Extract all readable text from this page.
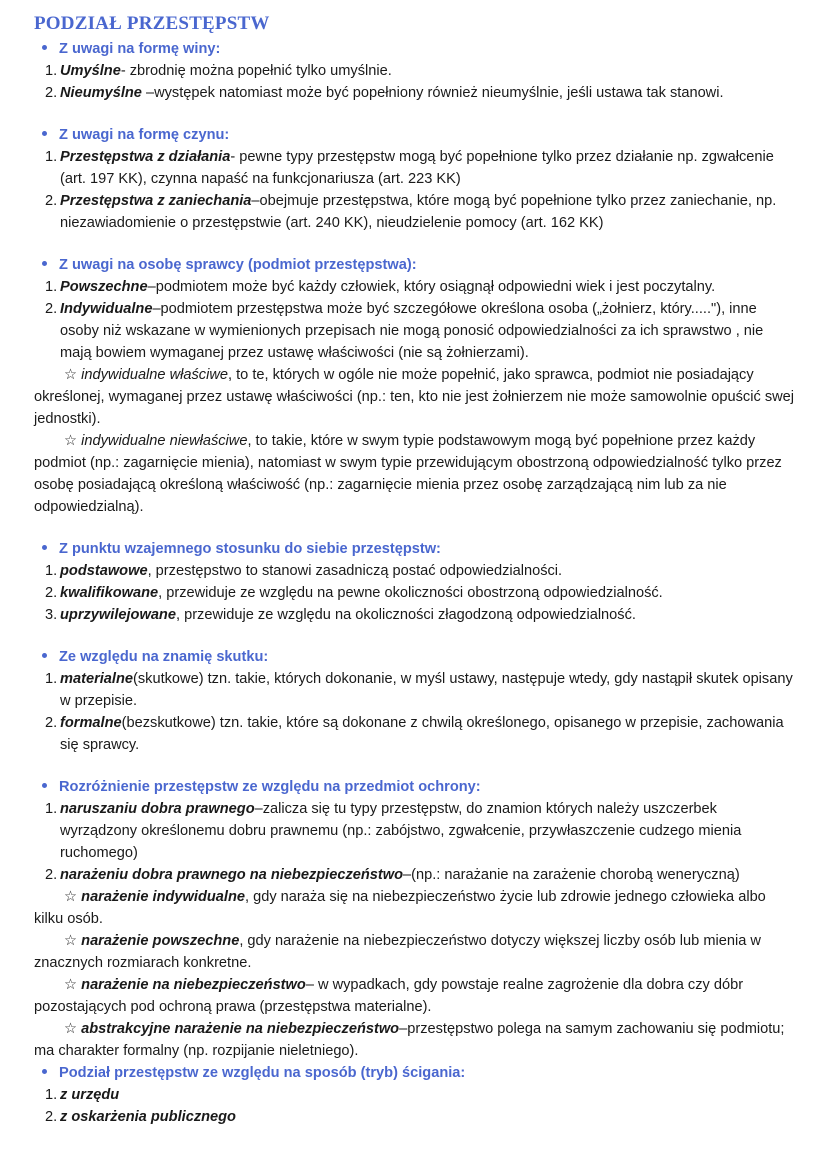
PODZIAŁ PRZESTĘPSTW

Z uwagi na formę winy:

1. Umyślne- zbrodnię można popełnić tylko umyślnie.
2. Nieumyślne –występek natomiast może być popełniony również nieumyślnie, jeśli ustawa tak stanowi.

Z uwagi na formę czynu:

1. Przestępstwa z działania- pewne typy przestępstw mogą być popełnione tylko przez działanie np. zgwałcenie (art. 197 KK), czynna napaść na funkcjonariusza (art. 223 KK)
2. Przestępstwa z zaniechania–obejmuje przestępstwa, które mogą być popełnione tylko przez zaniechanie, np. niezawiadomienie o przestępstwie (art. 240 KK), nieudzielenie pomocy (art. 162 KK)

Z uwagi na osobę sprawcy (podmiot przestępstwa):

1. Powszechne–podmiotem może być każdy człowiek, który osiągnął odpowiedni wiek i jest poczytalny.
2. Indywidualne–podmiotem przestępstwa może być szczegółowe określona osoba („żołnierz, który....."), inne osoby niż wskazane w wymienionych przepisach nie mogą ponosić odpowiedzialności za ich sprawstwo , nie mają bowiem wymaganej przez ustawę właściwości (nie są żołnierzami).

☆ indywidualne właściwe, to te, których w ogóle nie może popełnić, jako sprawca, podmiot nie posiadający określonej, wymaganej przez ustawę właściwości (np.: ten, kto nie jest żołnierzem nie może samowolnie opuścić swej jednostki).

☆ indywidualne niewłaściwe, to takie, które w swym typie podstawowym mogą być popełnione przez każdy podmiot (np.: zagarnięcie mienia), natomiast w swym typie przewidującym obostrzoną odpowiedzialność tylko przez osobę posiadającą określoną właściwość (np.: zagarnięcie mienia przez osobę zarządzającą nim lub za nie odpowiedzialną).

Z punktu wzajemnego stosunku do siebie przestępstw:

1. podstawowe, przestępstwo to stanowi zasadniczą postać odpowiedzialności.
2. kwalifikowane, przewiduje ze względu na pewne okoliczności obostrzoną odpowiedzialność.
3. uprzywilejowane, przewiduje ze względu na okoliczności złagodzoną odpowiedzialność.

Ze względu na znamię skutku:

1. materialne(skutkowe) tzn. takie, których dokonanie, w myśl ustawy, następuje wtedy, gdy nastąpił skutek opisany w przepisie.
2. formalne(bezskutkowe) tzn. takie, które są dokonane z chwilą określonego, opisanego w przepisie, zachowania się sprawcy.

Rozróżnienie przestępstw ze względu na przedmiot ochrony:

1. naruszaniu dobra prawnego–zalicza się tu typy przestępstw, do znamion których należy uszczerbek wyrządzony określonemu dobru prawnemu (np.: zabójstwo, zgwałcenie, przywłaszczenie cudzego mienia ruchomego)
2. narażeniu dobra prawnego na niebezpieczeństwo–(np.: narażanie na zarażenie chorobą weneryczną)

☆ narażenie indywidualne, gdy naraża się na niebezpieczeństwo życie lub zdrowie jednego człowieka albo kilku osób.

☆ narażenie powszechne, gdy narażenie na niebezpieczeństwo dotyczy większej liczby osób lub mienia w znacznych rozmiarach konkretne.

☆ narażenie na niebezpieczeństwo– w wypadkach, gdy powstaje realne zagrożenie dla dobra czy dóbr pozostających pod ochroną prawa (przestępstwa materialne).

☆ abstrakcyjne narażenie na niebezpieczeństwo–przestępstwo polega na samym zachowaniu się podmiotu; ma charakter formalny (np. rozpijanie nieletniego).

Podział przestępstw ze względu na sposób (tryb) ścigania:

1. z urzędu
2. z oskarżenia publicznego
